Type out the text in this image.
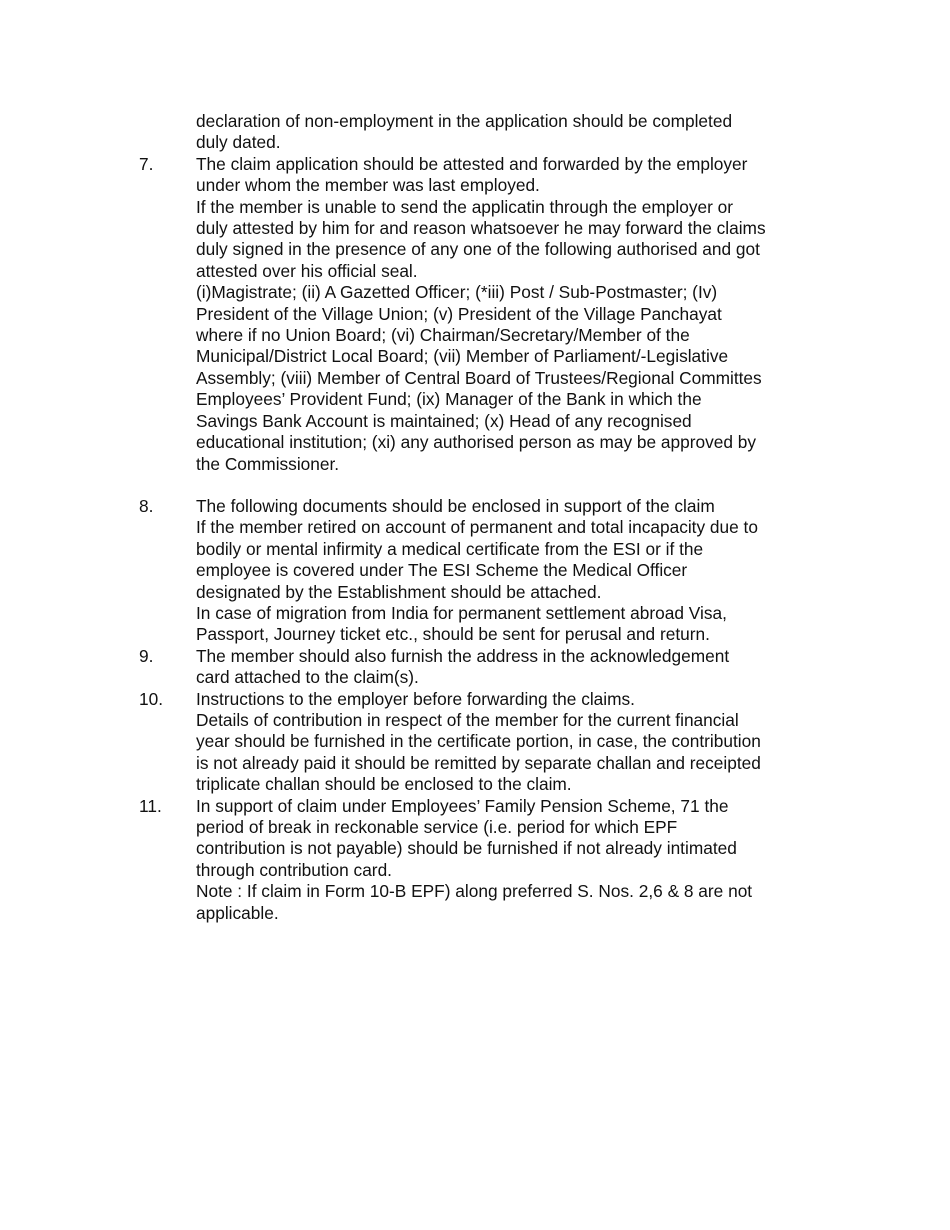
declaration of non-employment in the application should be completed
duly dated.
7. The claim application should be attested and forwarded by the employer
under whom the member was last employed.
If the member is unable to send the applicatin through the employer or
duly attested by him for and reason whatsoever he may forward the claims
duly signed in the presence of any one of the following authorised and got
attested over his official seal.
(i)Magistrate; (ii) A Gazetted Officer; (*iii) Post / Sub-Postmaster; (Iv)
President of the Village Union; (v) President of the Village Panchayat
where if no Union Board; (vi) Chairman/Secretary/Member of the
Municipal/District Local Board; (vii) Member of Parliament/-Legislative
Assembly; (viii) Member of Central Board of Trustees/Regional Committes
Employees’ Provident Fund; (ix) Manager of the Bank in which the
Savings Bank Account is maintained; (x) Head of any recognised
educational institution; (xi) any authorised person as may be approved by
the Commissioner.
8. The following documents should be enclosed in support of the claim
If the member retired on account of permanent and total incapacity due to
bodily or mental infirmity a medical certificate from the ESI or if the
employee is covered under The ESI Scheme the Medical Officer
designated by the Establishment should be attached.
In case of migration from India for permanent settlement abroad Visa,
Passport, Journey ticket etc., should be sent for perusal and return.
9. The member should also furnish the address in the acknowledgement
card attached to the claim(s).
10. Instructions to the employer before forwarding the claims.
Details of contribution in respect of the member for the current financial
year should be furnished in the certificate portion, in case, the contribution
is not already paid it should be remitted by separate challan and receipted
triplicate challan should be enclosed to the claim.
11. In support of claim under Employees’ Family Pension Scheme, 71 the
period of break in reckonable service (i.e. period for which EPF
contribution is not payable) should be furnished if not already intimated
through contribution card.
Note : If claim in Form 10-B EPF) along preferred S. Nos. 2,6 & 8 are not
applicable.
